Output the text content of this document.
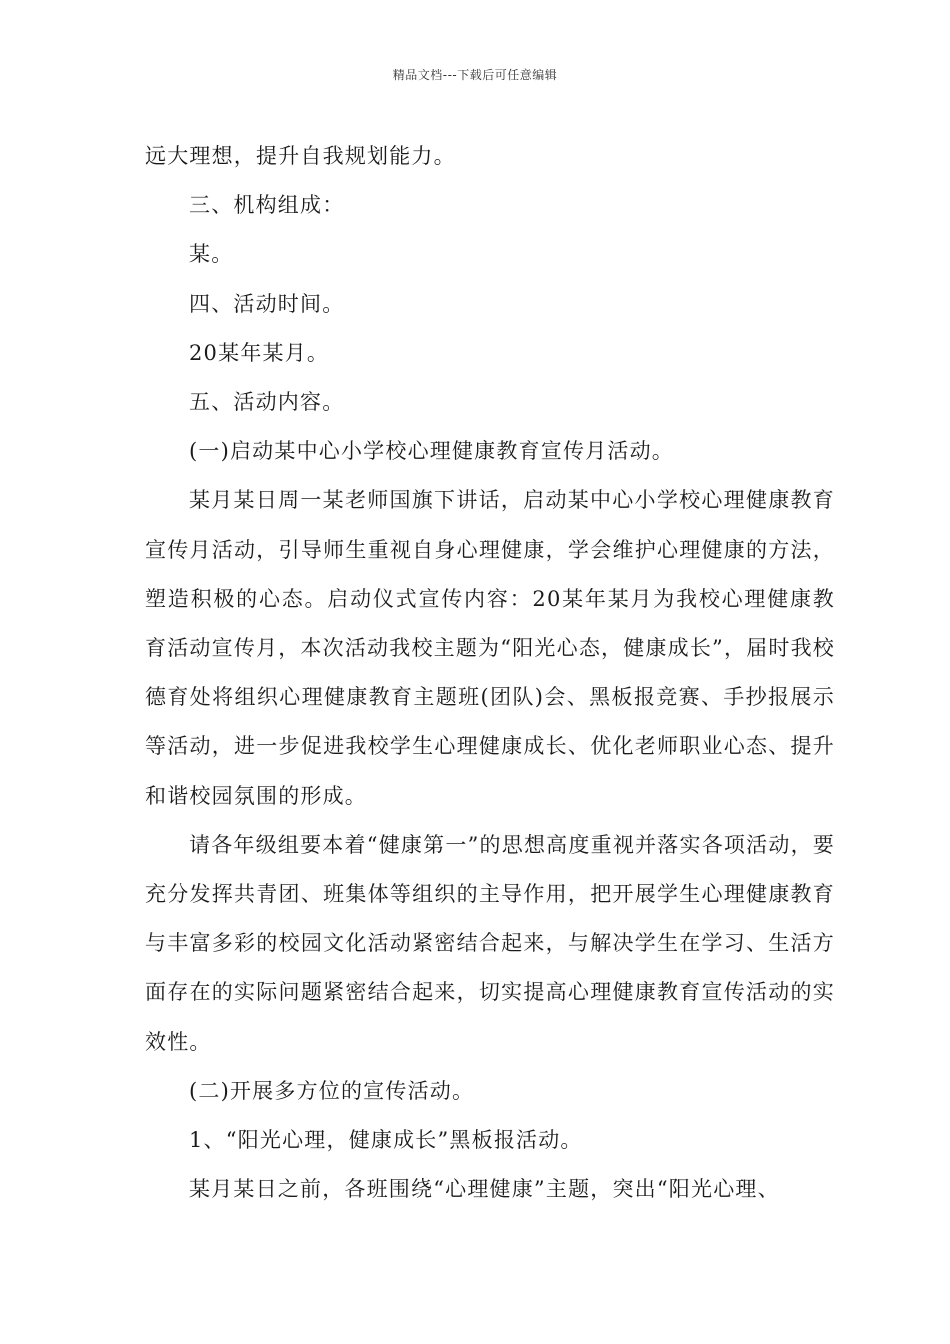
精品文档---下载后可任意编辑

远大理想，提升自我规划能力。

三、机构组成：

某。

四、活动时间。

20某年某月。

五、活动内容。

(一)启动某中心小学校心理健康教育宣传月活动。

某月某日周一某老师国旗下讲话，启动某中心小学校心理健康教育宣传月活动，引导师生重视自身心理健康，学会维护心理健康的方法，塑造积极的心态。启动仪式宣传内容：20某年某月为我校心理健康教育活动宣传月，本次活动我校主题为“阳光心态，健康成长”，届时我校德育处将组织心理健康教育主题班(团队)会、黑板报竞赛、手抄报展示等活动，进一步促进我校学生心理健康成长、优化老师职业心态、提升和谐校园氛围的形成。

请各年级组要本着“健康第一”的思想高度重视并落实各项活动，要充分发挥共青团、班集体等组织的主导作用，把开展学生心理健康教育与丰富多彩的校园文化活动紧密结合起来，与解决学生在学习、生活方面存在的实际问题紧密结合起来，切实提高心理健康教育宣传活动的实效性。

(二)开展多方位的宣传活动。

1、“阳光心理，健康成长”黑板报活动。

某月某日之前，各班围绕“心理健康”主题，突出“阳光心理、
